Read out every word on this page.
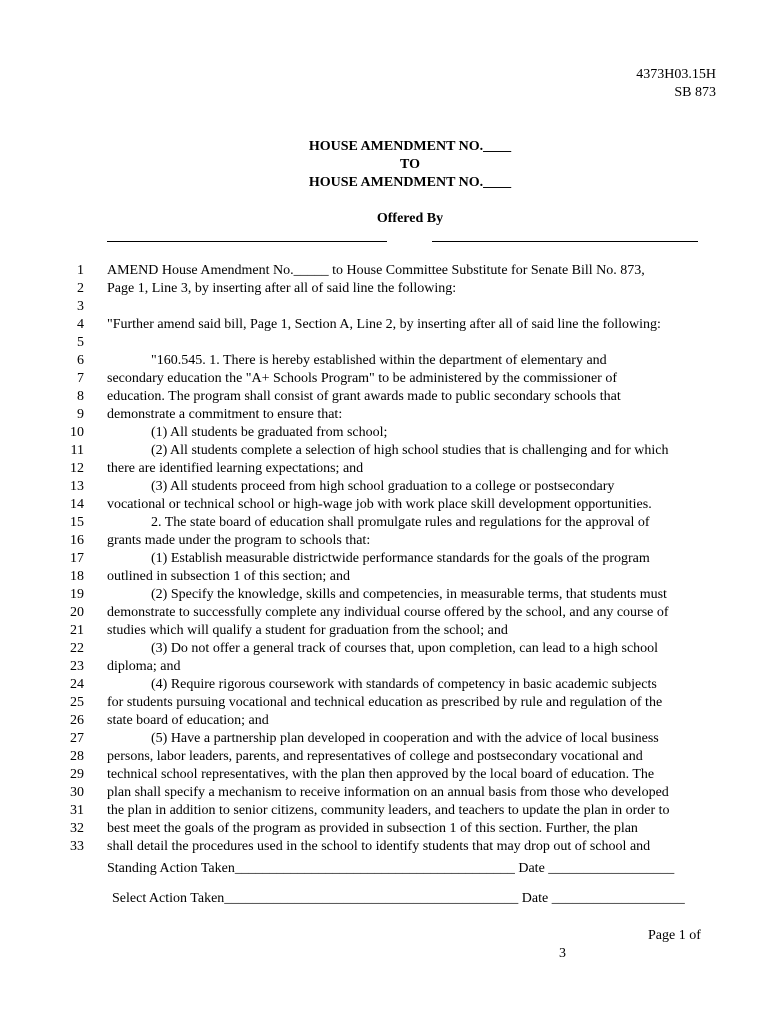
4373H03.15H
SB 873
HOUSE AMENDMENT NO.____
TO
HOUSE AMENDMENT NO.____
Offered By
1 AMEND House Amendment No._____ to House Committee Substitute for Senate Bill No. 873,
2 Page 1, Line 3, by inserting after all of said line the following:
3
4 "Further amend said bill, Page 1, Section A, Line 2, by inserting after all of said line the following:
5
6	"160.545. 1. There is hereby established within the department of elementary and
7 secondary education the "A+ Schools Program" to be administered by the commissioner of
8 education. The program shall consist of grant awards made to public secondary schools that
9 demonstrate a commitment to ensure that:
10	(1) All students be graduated from school;
11	(2) All students complete a selection of high school studies that is challenging and for which
12 there are identified learning expectations; and
13	(3) All students proceed from high school graduation to a college or postsecondary
14 vocational or technical school or high-wage job with work place skill development opportunities.
15	2. The state board of education shall promulgate rules and regulations for the approval of
16 grants made under the program to schools that:
17	(1) Establish measurable districtwide performance standards for the goals of the program
18 outlined in subsection 1 of this section; and
19	(2) Specify the knowledge, skills and competencies, in measurable terms, that students must
20 demonstrate to successfully complete any individual course offered by the school, and any course of
21 studies which will qualify a student for graduation from the school; and
22	(3) Do not offer a general track of courses that, upon completion, can lead to a high school
23 diploma; and
24	(4) Require rigorous coursework with standards of competency in basic academic subjects
25 for students pursuing vocational and technical education as prescribed by rule and regulation of the
26 state board of education; and
27	(5) Have a partnership plan developed in cooperation and with the advice of local business
28 persons, labor leaders, parents, and representatives of college and postsecondary vocational and
29 technical school representatives, with the plan then approved by the local board of education. The
30 plan shall specify a mechanism to receive information on an annual basis from those who developed
31 the plan in addition to senior citizens, community leaders, and teachers to update the plan in order to
32 best meet the goals of the program as provided in subsection 1 of this section. Further, the plan
33 shall detail the procedures used in the school to identify students that may drop out of school and
Standing Action Taken________________________________________ Date __________________
Select Action Taken__________________________________________ Date ___________________
Page 1 of
3
